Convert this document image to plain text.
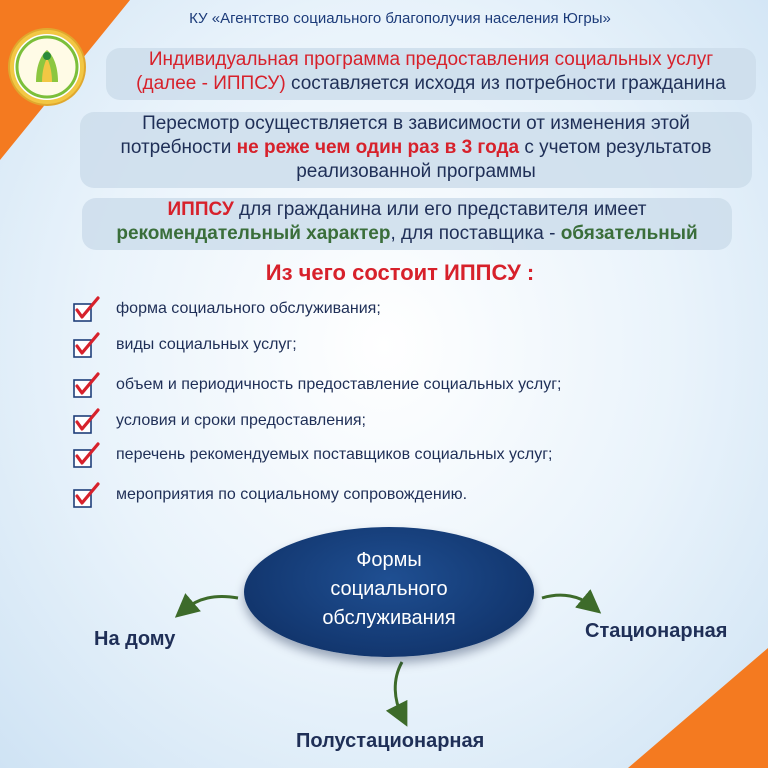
КУ «Агентство социального благополучия населения Югры»
Индивидуальная программа предоставления социальных услуг
(далее - ИППСУ) составляется исходя из потребности гражданина
Пересмотр осуществляется в зависимости от изменения этой
потребности не реже чем один раз в 3 года с учетом результатов
реализованной программы
ИППСУ для гражданина или его представителя имеет
рекомендательный характер, для поставщика - обязательный
Из чего состоит ИППСУ :
форма социального обслуживания;
виды социальных услуг;
объем и периодичность предоставление социальных услуг;
условия и сроки предоставления;
перечень рекомендуемых поставщиков социальных услуг;
мероприятия по социальному сопровождению.
Формы
социального
обслуживания
На дому	Стационарная
Полустационарная
